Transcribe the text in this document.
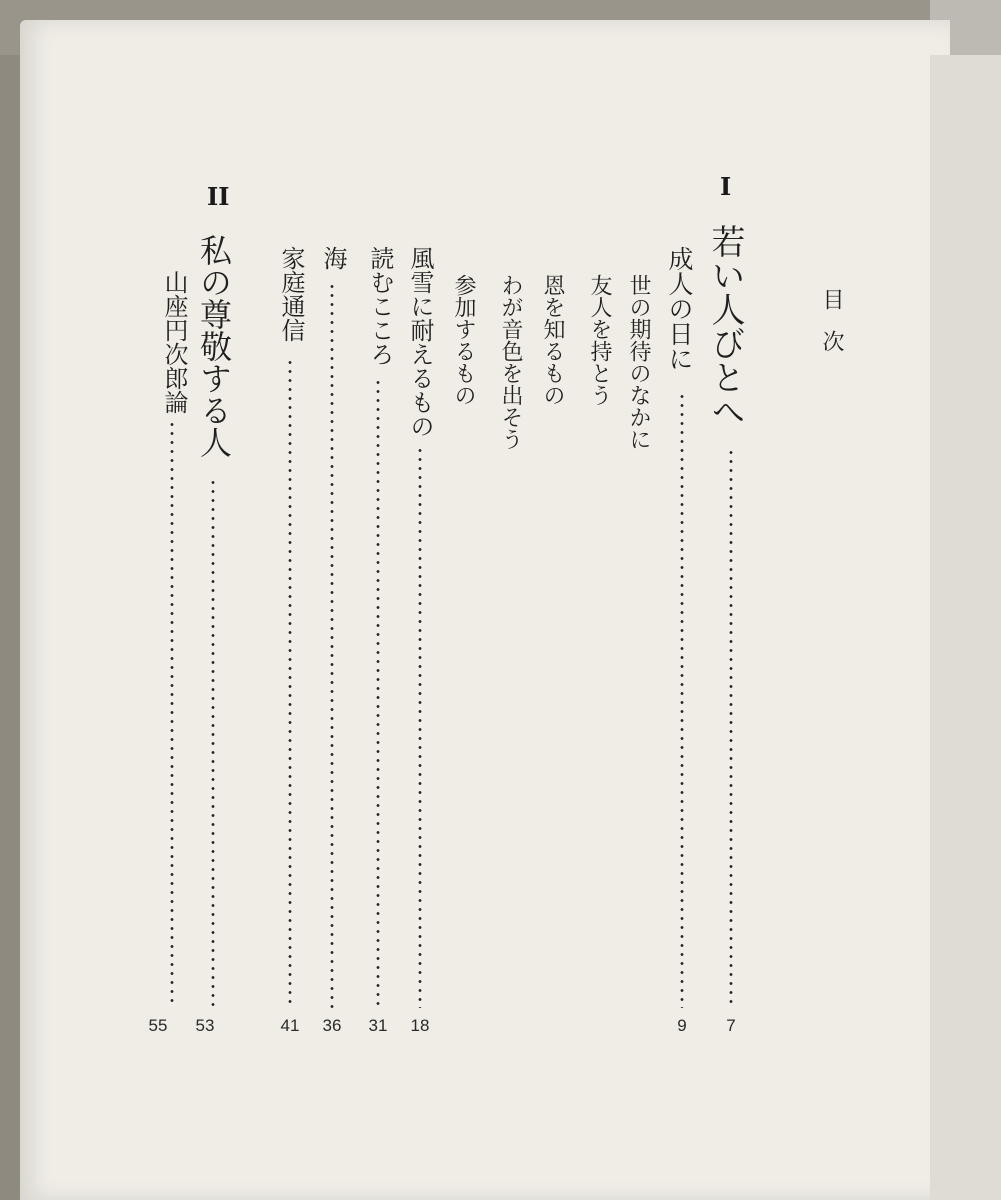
目次
I
若い人びとへ
7
成人の日に
9
世の期待のなかに
友人を持とう
恩を知るもの
わが音色を出そう
参加するもの
風雪に耐えるもの
18
読むこころ
31
海
36
家庭通信
41
II
私の尊敬する人
53
山座円次郎論
55
